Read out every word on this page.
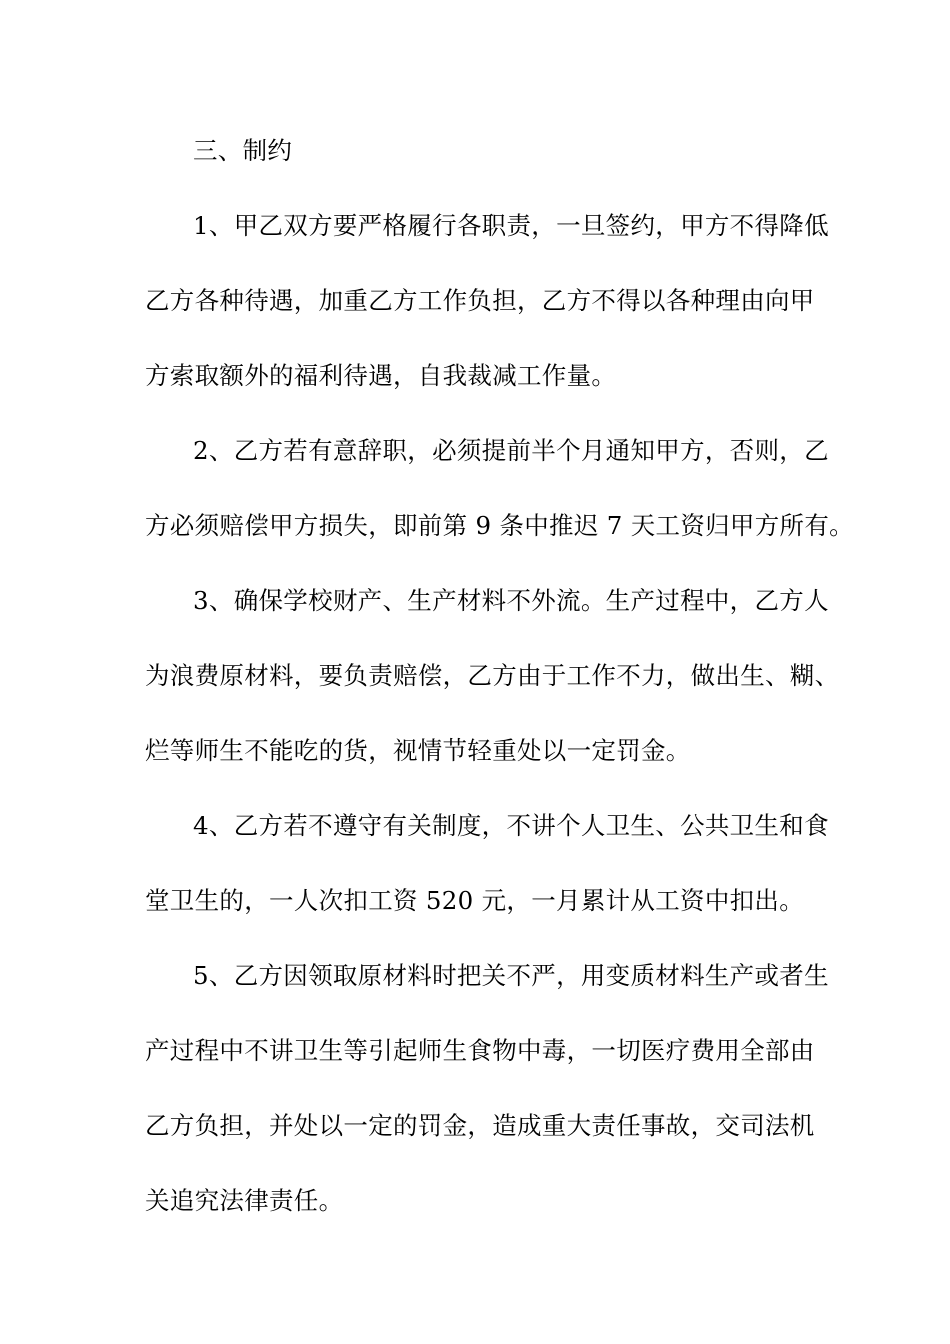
三、制约
1、甲乙双方要严格履行各职责，一旦签约，甲方不得降低
乙方各种待遇，加重乙方工作负担，乙方不得以各种理由向甲
方索取额外的福利待遇，自我裁减工作量。
2、乙方若有意辞职，必须提前半个月通知甲方，否则，乙
方必须赔偿甲方损失，即前第 9 条中推迟 7 天工资归甲方所有。
3、确保学校财产、生产材料不外流。生产过程中，乙方人
为浪费原材料，要负责赔偿，乙方由于工作不力，做出生、糊、
烂等师生不能吃的货，视情节轻重处以一定罚金。
4、乙方若不遵守有关制度，不讲个人卫生、公共卫生和食
堂卫生的，一人次扣工资 520 元，一月累计从工资中扣出。
5、乙方因领取原材料时把关不严，用变质材料生产或者生
产过程中不讲卫生等引起师生食物中毒，一切医疗费用全部由
乙方负担，并处以一定的罚金，造成重大责任事故，交司法机
关追究法律责任。
